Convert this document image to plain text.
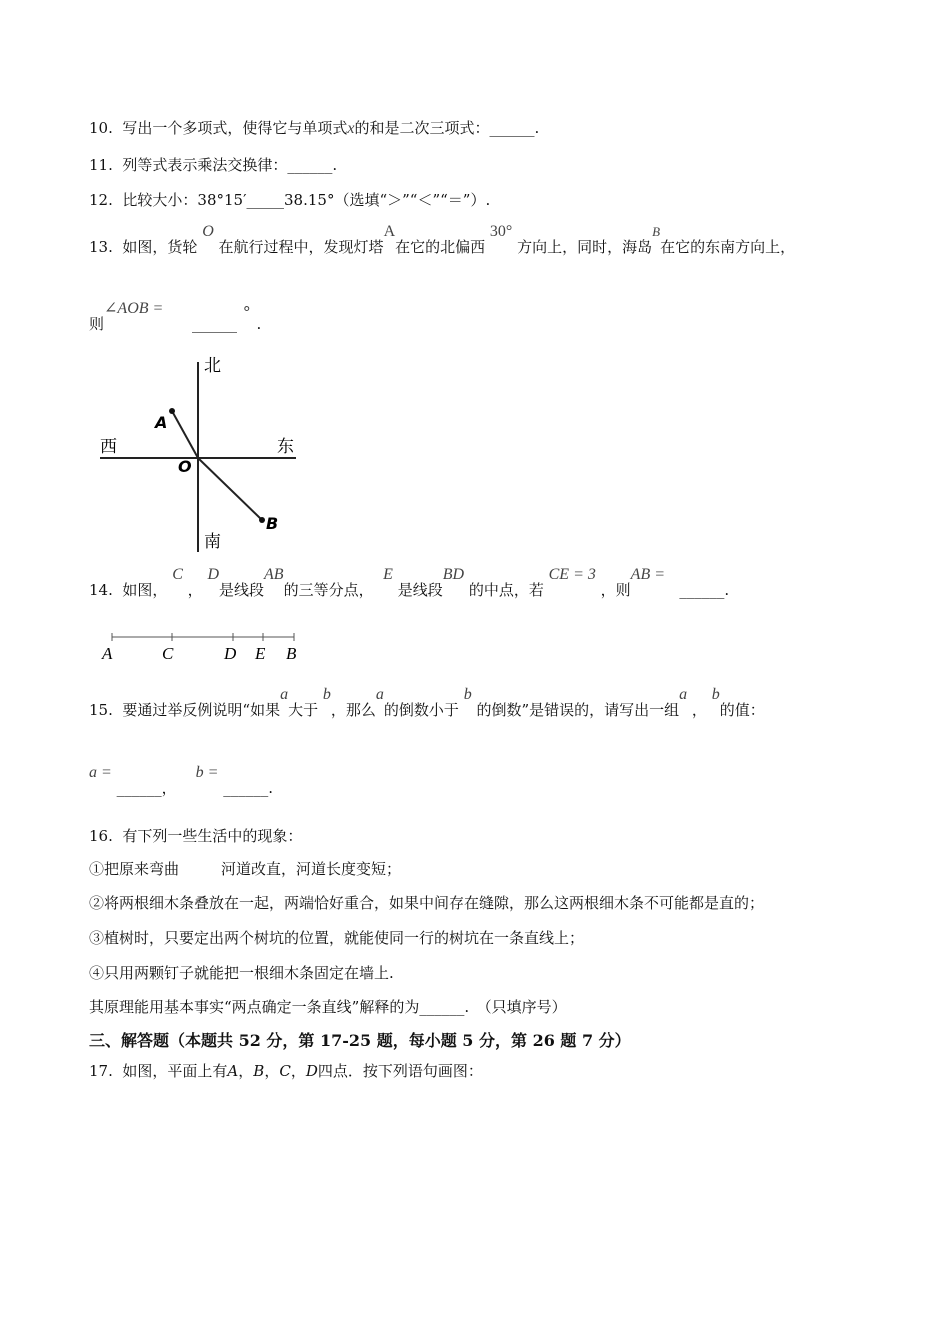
10. 写出一个多项式，使得它与单项式x的和是二次三项式：______.
11. 列等式表示乘法交换律：______.
12. 比较大小：38°15′_____38.15°（选填“＞”“＜”“＝”）.
13. 如图，货轮 O 在航行过程中，发现灯塔A在它的北偏西 30° 方向上，同时，海岛B在它的东南方向上，
则∠AOB =      ______ ∘ .
北
南
西	东
A
O
B
14. 如图， C ， D是线段AB的三等分点，  E 是线段BD 的中点，若 CE = 3 ，则AB =   ______.
A	C	D E B
15. 要通过举反例说明“如果a大于 b，那么a的倒数小于 b 的倒数”是错误的，请写出一组a ， b的值：
a = ______，    b = ______.
16. 有下列一些生活中的现象：
①把原来弯曲	河道改直，河道长度变短；
②将两根细木条叠放在一起，两端恰好重合，如果中间存在缝隙，那么这两根细木条不可能都是直的；
③植树时，只要定出两个树坑的位置，就能使同一行的树坑在一条直线上；
④只用两颗钉子就能把一根细木条固定在墙上.
其原理能用基本事实“两点确定一条直线”解释的为______.　（只填序号）
三、解答题（本题共 52 分，第 17-25 题，每小题 5 分，第 26 题 7 分）
17. 如图，平面上有A，B，C，D四点．按下列语句画图：
